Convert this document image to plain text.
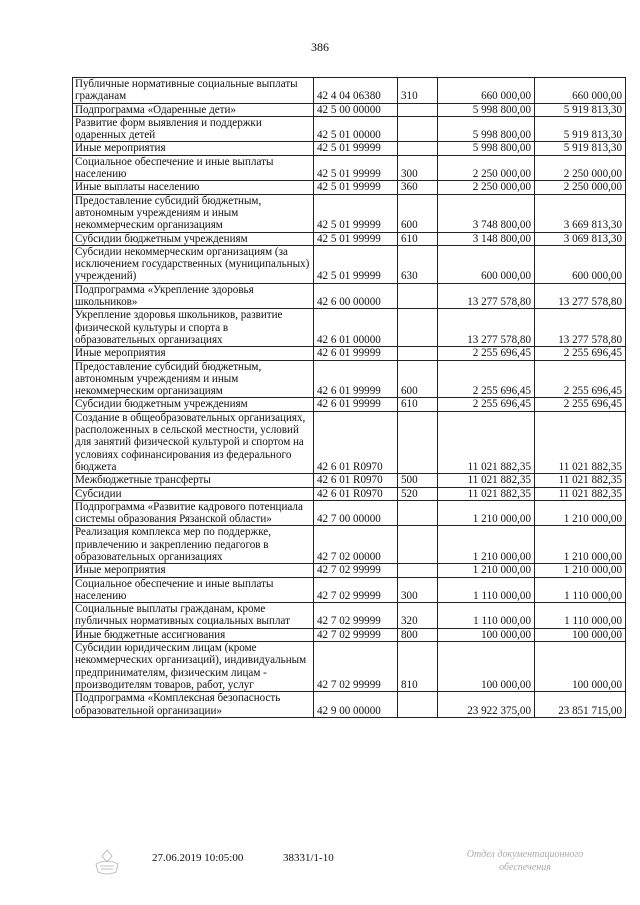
386
Публичные нормативные социальные выплаты гражданам	42 4 04 06380	310	660 000,00	660 000,00
Подпрограмма «Одаренные дети»	42 5 00 00000		5 998 800,00	5 919 813,30
Развитие форм выявления и поддержки одаренных детей	42 5 01 00000		5 998 800,00	5 919 813,30
Иные мероприятия	42 5 01 99999		5 998 800,00	5 919 813,30
Социальное обеспечение и иные выплаты населению	42 5 01 99999	300	2 250 000,00	2 250 000,00
Иные выплаты населению	42 5 01 99999	360	2 250 000,00	2 250 000,00
Предоставление субсидий бюджетным, автономным учреждениям и иным некоммерческим организациям	42 5 01 99999	600	3 748 800,00	3 669 813,30
Субсидии бюджетным учреждениям	42 5 01 99999	610	3 148 800,00	3 069 813,30
Субсидии некоммерческим организациям (за исключением государственных (муниципальных) учреждений)	42 5 01 99999	630	600 000,00	600 000,00
Подпрограмма «Укрепление здоровья школьников»	42 6 00 00000		13 277 578,80	13 277 578,80
Укрепление здоровья школьников, развитие физической культуры и спорта в образовательных организациях	42 6 01 00000		13 277 578,80	13 277 578,80
Иные мероприятия	42 6 01 99999		2 255 696,45	2 255 696,45
Предоставление субсидий бюджетным, автономным учреждениям и иным некоммерческим организациям	42 6 01 99999	600	2 255 696,45	2 255 696,45
Субсидии бюджетным учреждениям	42 6 01 99999	610	2 255 696,45	2 255 696,45
Создание в общеобразовательных организациях, расположенных в сельской местности, условий для занятий физической культурой и спортом на условиях софинансирования из федерального бюджета	42 6 01 R0970		11 021 882,35	11 021 882,35
Межбюджетные трансферты	42 6 01 R0970	500	11 021 882,35	11 021 882,35
Субсидии	42 6 01 R0970	520	11 021 882,35	11 021 882,35
Подпрограмма «Развитие кадрового потенциала системы образования Рязанской области»	42 7 00 00000		1 210 000,00	1 210 000,00
Реализация комплекса мер по поддержке, привлечению и закреплению педагогов в образовательных организациях	42 7 02 00000		1 210 000,00	1 210 000,00
Иные мероприятия	42 7 02 99999		1 210 000,00	1 210 000,00
Социальное обеспечение и иные выплаты населению	42 7 02 99999	300	1 110 000,00	1 110 000,00
Социальные выплаты гражданам, кроме публичных нормативных социальных выплат	42 7 02 99999	320	1 110 000,00	1 110 000,00
Иные бюджетные ассигнования	42 7 02 99999	800	100 000,00	100 000,00
Субсидии юридическим лицам (кроме некоммерческих организаций), индивидуальным предпринимателям, физическим лицам - производителям товаров, работ, услуг	42 7 02 99999	810	100 000,00	100 000,00
Подпрограмма «Комплексная безопасность образовательной организации»	42 9 00 00000		23 922 375,00	23 851 715,00
27.06.2019 10:05:00	38331/1-10	Отдел документационного обеспечения
